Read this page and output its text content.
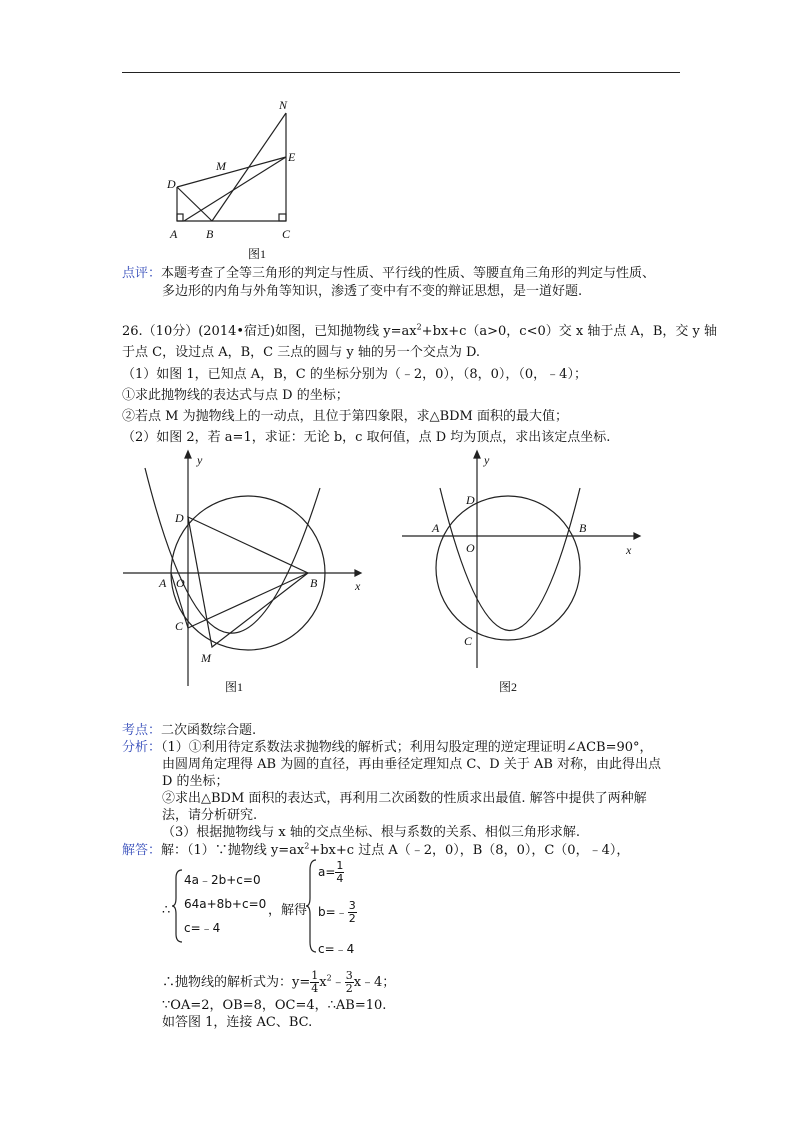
N
M
E
D
A B	C
图1
点评：本题考查了全等三角形的判定与性质、平行线的性质、等腰直角三角形的判定与性质、
多边形的内角与外角等知识，渗透了变中有不变的辩证思想，是一道好题.
26.（10分）(2014•宿迁)如图，已知抛物线 $y=ax^2+bx+c(a>0$，c<0）交 x 轴于点 A，B，交 y 轴
于点 C，设过点 A，B，C 三点的圆与 y 轴的另一个交点为 D.
（1）如图 1，已知点 A，B，C 的坐标分别为（﹣2，0），（8，0），（0，﹣4）；
①求此抛物线的表达式与点 D 的坐标；
②若点 M 为抛物线上的一动点，且位于第四象限，求△BDM 面积的最大值；
（2）如图 2，若 a=1，求证：无论 b，c 取何值，点 D 均为顶点，求出该定点坐标.
y
x
D
A O	B
C
M
图1
y
x
D
A
O
B
C
图2
考点：二次函数综合题.
分析：（1）①利用待定系数法求抛物线的解析式；利用勾股定理的逆定理证明∠ACB=90°，
由圆周角定理得 AB 为圆的直径，再由垂径定理知点 C、D 关于 AB 对称，由此得出点
D 的坐标；
②求出△BDM 面积的表达式，再利用二次函数的性质求出最值. 解答中提供了两种解
法，请分析研究.
（3）根据抛物线与 x 轴的交点坐标、根与系数的关系、相似三角形求解.
解答：解：（1）∵抛物线 $y=ax^2+bx+c$ 过点 A（﹣2，0），B（8，0），C（0，﹣4），
∴
4a﹣2b+c=0
64a+8b+c=0
c=﹣4
，解得
$a= \frac{1}{4}$
b=﹣ $\frac{3}{2}$
c=﹣4
∴抛物线的解析式为：$y= \frac{1}{4}$ $x^2﹣ \frac{3}{2}$ x﹣4；
∵OA=2，OB=8，OC=4，∴AB=10.
如答图 1，连接 AC、BC.
